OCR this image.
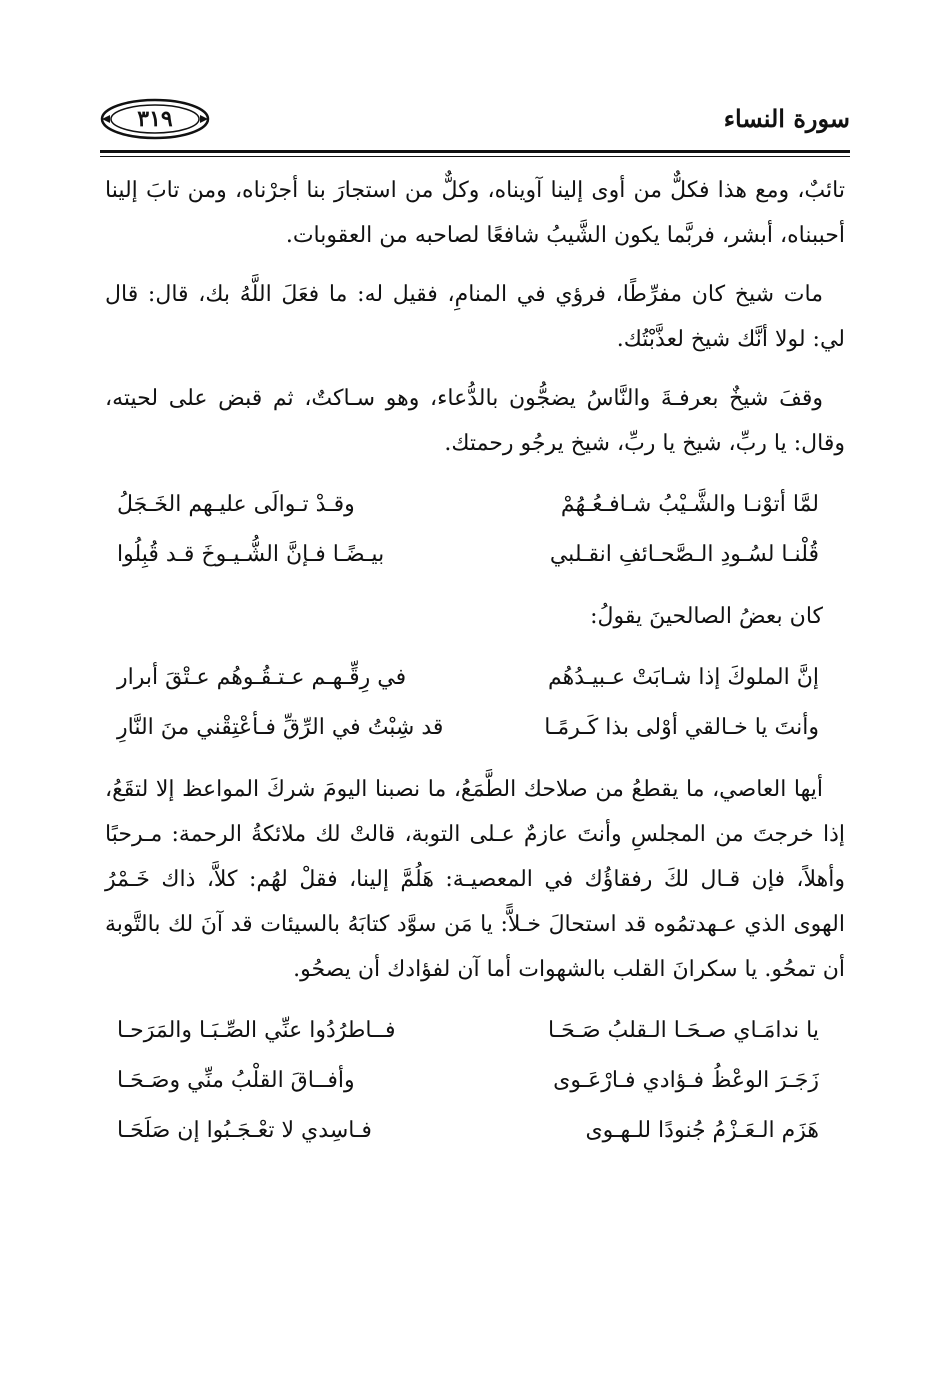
٣١٩	سورة النساء

تائبٌ، ومع هذا فكلٌّ من أوى إلينا آويناه، وكلٌّ من استجارَ بنا أجرْناه، ومن تابَ إلينا أحببناه، أبشر، فربَّما يكون الشَّيبُ شافعًا لصاحبه من العقوبات.

مات شيخ كان مفرِّطًا، فرؤي في المنامِ، فقيل له: ما فعَلَ اللَّهُ بك، قال: قال لي: لولا أنَّك شيخ لعذَّبْتُك.

وقفَ شيخٌ بعرفـةَ والنَّاسُ يضجُّون بالدُّعاء، وهو سـاكتٌ، ثم قبض على لحيته، وقال: يا ربِّ، شيخ يا ربِّ، شيخ يرجُو رحمتك.

لمَّا أتوْنـا والشَّـيْبُ شـافـعُـهُمْ
وقـدْ تـوالَى عليـهم الخَـجَلُ
قُلْنـا لسُـودِ الـصَّحـائفِ انقـلبي
بيـضًـا فـإنَّ الشُّـيـوخَ قـد قُبِلُوا

كان بعضُ الصالحينَ يقولُ:

إنَّ الملوكَ إذا شـابَتْ عـبيـدُهُم
في رِقِّـهـم عـتـقُـوهُم عـتْقَ أبرار
وأنتَ يا خـالقي أوْلى بذا كَـرمًـا
قد شِبْتُ في الرِّقِّ فـأعْتِقْني منَ النَّارِ

أيها العاصي، ما يقطعُ من صلاحك الطَّمَعُ، ما نصبنا اليومَ شركَ المواعظ إلا لتقَعُ، إذا خرجتَ من المجلسِ وأنتَ عازمٌ عـلى التوبة، قالتْ لك ملائكةُ الرحمة: مـرحبًا وأهلاً، فإن قـال لكَ رفقاؤُك في المعصيـة: هَلُمَّ إلينا، فقلْ لهُم: كلاَّ، ذاك خَـمْرُ الهوى الذي عـهدتمُوه قد استحالَ خـلاًّ: يا مَن سوَّد كتابَهُ بالسيئات قد آنَ لك بالتَّوبة أن تمحُو. يا سكرانَ القلب بالشهوات أما آن لفؤادك أن يصحُو.

يا ندامَـاي صـحَـا الـقلبُ صَـحَـا
فــاطرُدُوا عنِّي الصِّـبَـا والمَرَحـا
زَجَـرَ الوعْظُ فـؤادي فـارْعَـوى
وأفــاقَ القلْبُ منِّي وصَـحَـا
هَزَم الـعَـزْمُ جُنودًا للـهـوى
فـاسِدي لا تعْـجَـبُوا إن صَلَحَـا
